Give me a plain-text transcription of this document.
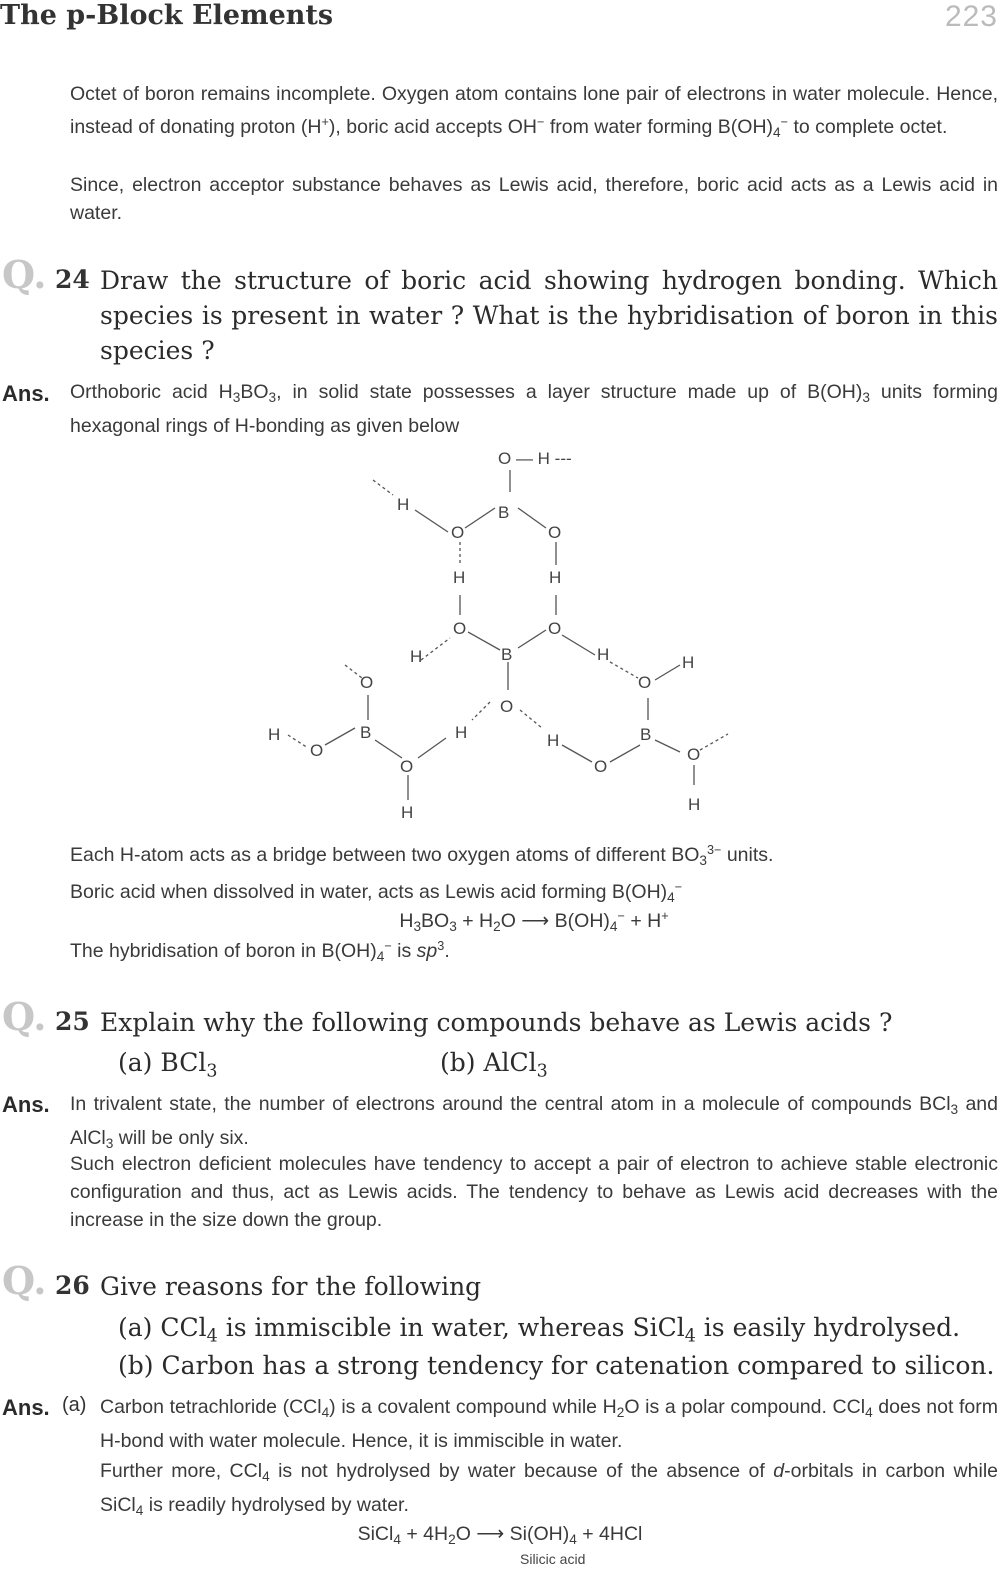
The p-Block Elements	223
Octet of boron remains incomplete. Oxygen atom contains lone pair of electrons in water molecule. Hence, instead of donating proton (H+), boric acid accepts OH− from water forming $B(OH)_4^-$ to complete octet.
Since, electron acceptor substance behaves as Lewis acid, therefore, boric acid acts as a Lewis acid in water.
Q. 24 Draw the structure of boric acid showing hydrogen bonding. Which species is present in water ? What is the hybridisation of boron in this species ?
Ans. Orthoboric acid $H_3BO_3$, in solid state possesses a layer structure made up of $B(OH)_3$ units forming hexagonal rings of H-bonding as given below
O — H ---
H	B
O	O
H	H
O	O
H	B	H	H
O	O
O
H	B	H	H	B
O	O
O	O
H	H
Each H-atom acts as a bridge between two oxygen atoms of different $BO_3^{3-}$ units.
Boric acid when dissolved in water, acts as Lewis acid forming $B(OH)_4^-$
$H_3BO_3 + H_2O$ ⟶ $B(OH)_4^- + H^+$
The hybridisation of boron in $B(OH)_4^-$ is $sp^3$.
Q. 25 Explain why the following compounds behave as Lewis acids ?
(a) BCl$_3$	(b) AlCl$_3$
Ans. In trivalent state, the number of electrons around the central atom in a molecule of compounds BCl$_3$ and AlCl$_3$ will be only six.
Such electron deficient molecules have tendency to accept a pair of electron to achieve stable electronic configuration and thus, act as Lewis acids. The tendency to behave as Lewis acid decreases with the increase in the size down the group.
Q. 26 Give reasons for the following
(a) CCl$_4$ is immiscible in water, whereas SiCl$_4$ is easily hydrolysed.
(b) Carbon has a strong tendency for catenation compared to silicon.
Ans. (a) Carbon tetrachloride (CCl$_4$) is a covalent compound while $H_2O$ is a polar compound. CCl$_4$ does not form H-bond with water molecule. Hence, it is immiscible in water.
Further more, CCl$_4$ is not hydrolysed by water because of the absence of d-orbitals in carbon while SiCl$_4$ is readily hydrolysed by water.
SiCl$_4$ + $4H_2O$ ⟶ $Si(OH)_4 + 4HCl$
Silicic acid
